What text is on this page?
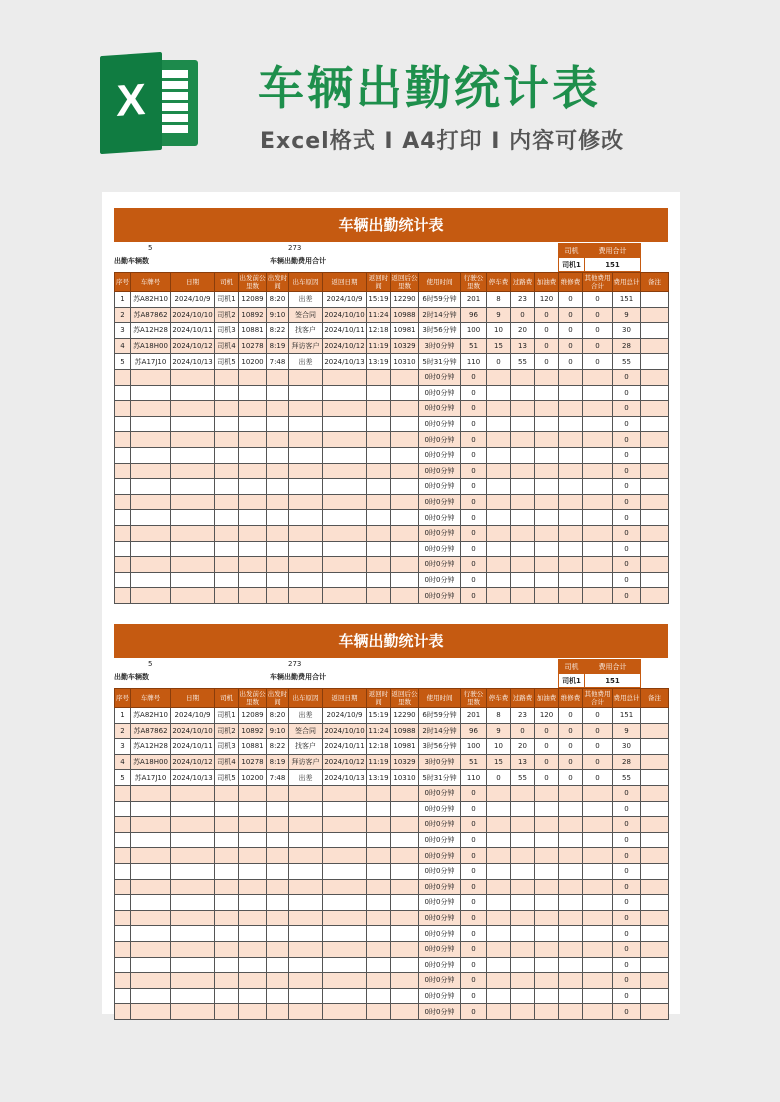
X	车辆出勤统计表
Excel格式 I A4打印 I 内容可修改
车辆出勤统计表
5
出勤车辆数
273
车辆出勤费用合计
司机	费用合计
司机1	151
序号	车牌号	日期	司机	出发前公里数	出发时间	出车原因	返回日期	返回时间	返回后公里数	使用时间	行驶公里数	停车费	过路费	加油费	维修费	其他费用合计	费用总计	备注
1	苏A82H10	2024/10/9	司机1	12089	8:20	出差	2024/10/9	15:19	12290	6时59分钟	201	8	23	120	0	0	151	
2	苏A87862	2024/10/10	司机2	10892	9:10	签合同	2024/10/10	11:24	10988	2时14分钟	96	9	0	0	0	0	9	
3	苏A12H28	2024/10/11	司机3	10881	8:22	找客户	2024/10/11	12:18	10981	3时56分钟	100	10	20	0	0	0	30	
4	苏A18H00	2024/10/12	司机4	10278	8:19	拜访客户	2024/10/12	11:19	10329	3时0分钟	51	15	13	0	0	0	28	
5	苏A17J10	2024/10/13	司机5	10200	7:48	出差	2024/10/13	13:19	10310	5时31分钟	110	0	55	0	0	0	55	
										0时0分钟	0						0	
										0时0分钟	0						0	
										0时0分钟	0						0	
										0时0分钟	0						0	
										0时0分钟	0						0	
										0时0分钟	0						0	
										0时0分钟	0						0	
										0时0分钟	0						0	
										0时0分钟	0						0	
										0时0分钟	0						0	
										0时0分钟	0						0	
										0时0分钟	0						0	
										0时0分钟	0						0	
										0时0分钟	0						0	
										0时0分钟	0						0	
车辆出勤统计表
5
出勤车辆数
273
车辆出勤费用合计
司机	费用合计
司机1	151
序号	车牌号	日期	司机	出发前公里数	出发时间	出车原因	返回日期	返回时间	返回后公里数	使用时间	行驶公里数	停车费	过路费	加油费	维修费	其他费用合计	费用总计	备注
1	苏A82H10	2024/10/9	司机1	12089	8:20	出差	2024/10/9	15:19	12290	6时59分钟	201	8	23	120	0	0	151	
2	苏A87862	2024/10/10	司机2	10892	9:10	签合同	2024/10/10	11:24	10988	2时14分钟	96	9	0	0	0	0	9	
3	苏A12H28	2024/10/11	司机3	10881	8:22	找客户	2024/10/11	12:18	10981	3时56分钟	100	10	20	0	0	0	30	
4	苏A18H00	2024/10/12	司机4	10278	8:19	拜访客户	2024/10/12	11:19	10329	3时0分钟	51	15	13	0	0	0	28	
5	苏A17J10	2024/10/13	司机5	10200	7:48	出差	2024/10/13	13:19	10310	5时31分钟	110	0	55	0	0	0	55	
										0时0分钟	0						0	
										0时0分钟	0						0	
										0时0分钟	0						0	
										0时0分钟	0						0	
										0时0分钟	0						0	
										0时0分钟	0						0	
										0时0分钟	0						0	
										0时0分钟	0						0	
										0时0分钟	0						0	
										0时0分钟	0						0	
										0时0分钟	0						0	
										0时0分钟	0						0	
										0时0分钟	0						0	
										0时0分钟	0						0	
										0时0分钟	0						0	
